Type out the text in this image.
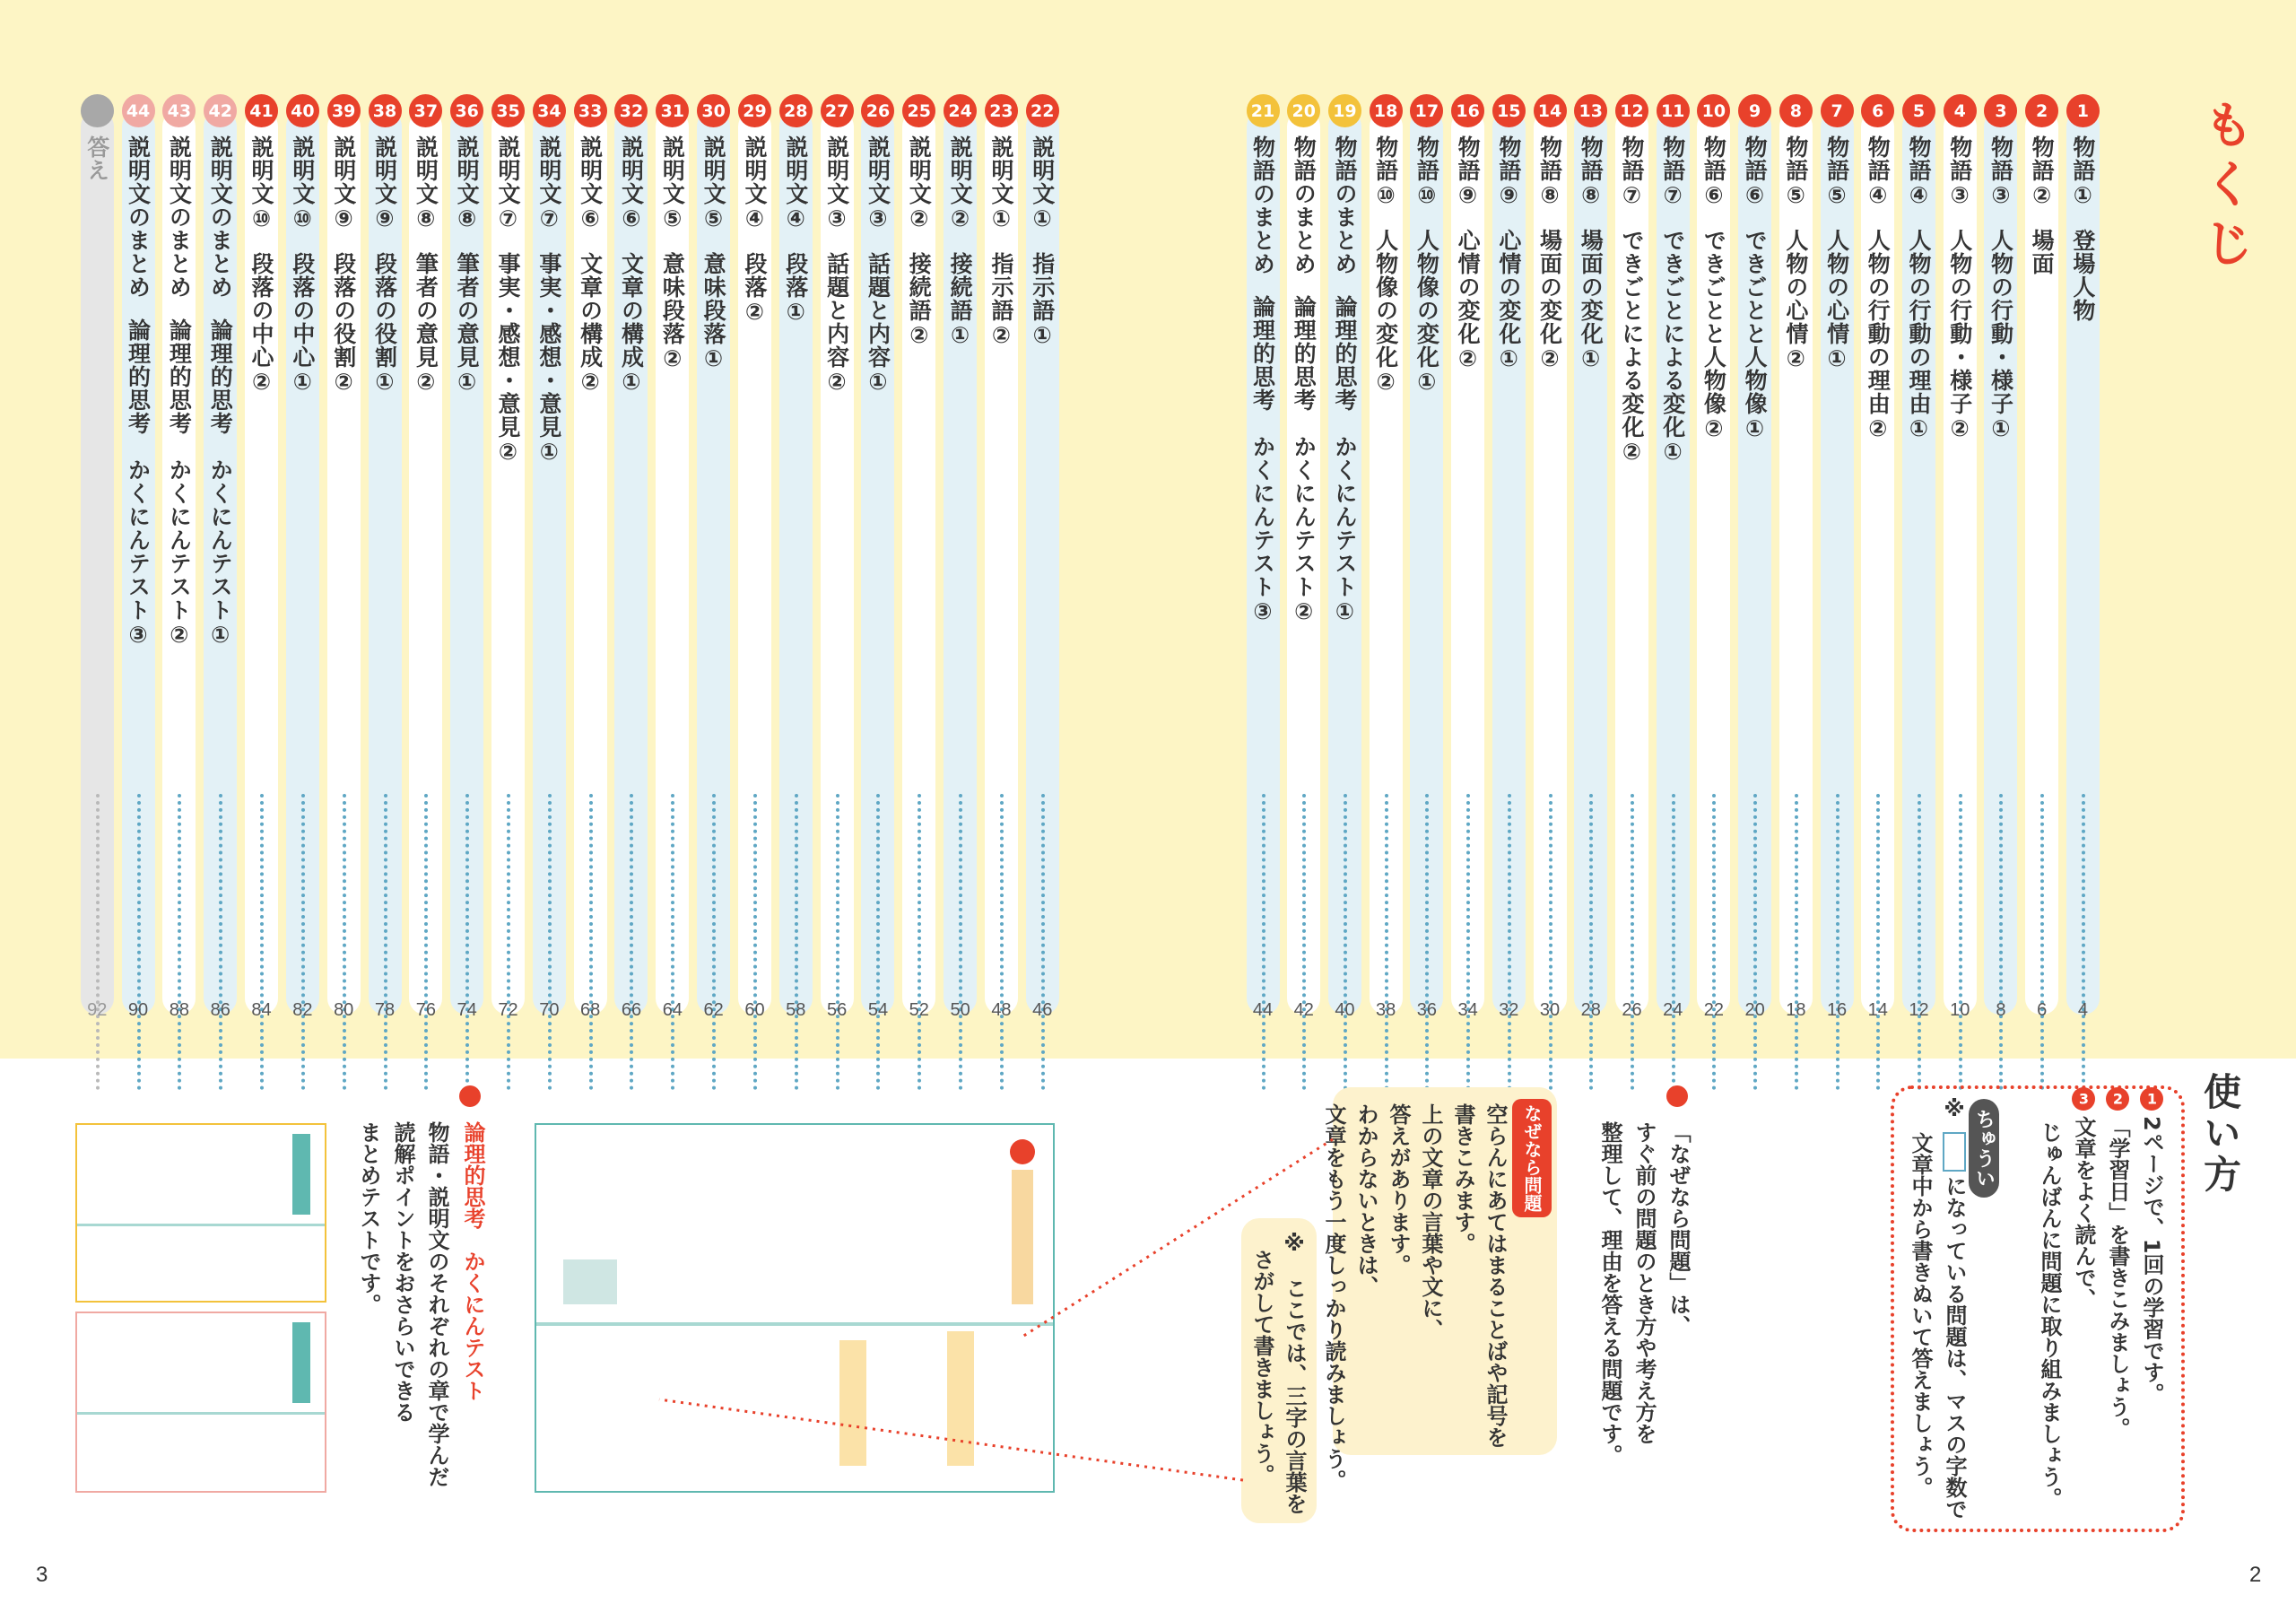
もくじ
1
物語①登場人物
4
2
物語②場面
6
3
物語③人物の行動・様子①
8
4
物語③人物の行動・様子②
10
5
物語④人物の行動の理由①
12
6
物語④人物の行動の理由②
14
7
物語⑤人物の心情①
16
8
物語⑤人物の心情②
18
9
物語⑥できごとと人物像①
20
10
物語⑥できごとと人物像②
22
11
物語⑦できごとによる変化①
24
12
物語⑦できごとによる変化②
26
13
物語⑧場面の変化①
28
14
物語⑧場面の変化②
30
15
物語⑨心情の変化①
32
16
物語⑨心情の変化②
34
17
物語⑩人物像の変化①
36
18
物語⑩人物像の変化②
38
19
物語のまとめ論理的思考　かくにんテスト①
40
20
物語のまとめ論理的思考　かくにんテスト②
42
21
物語のまとめ論理的思考　かくにんテスト③
44
22
説明文①指示語①
46
23
説明文①指示語②
48
24
説明文②接続語①
50
25
説明文②接続語②
52
26
説明文③話題と内容①
54
27
説明文③話題と内容②
56
28
説明文④段落①
58
29
説明文④段落②
60
30
説明文⑤意味段落①
62
31
説明文⑤意味段落②
64
32
説明文⑥文章の構成①
66
33
説明文⑥文章の構成②
68
34
説明文⑦事実・感想・意見①
70
35
説明文⑦事実・感想・意見②
72
36
説明文⑧筆者の意見①
74
37
説明文⑧筆者の意見②
76
38
説明文⑨段落の役割①
78
39
説明文⑨段落の役割②
80
40
説明文⑩段落の中心①
82
41
説明文⑩段落の中心②
84
42
説明文のまとめ論理的思考　かくにんテスト①
86
43
説明文のまとめ論理的思考　かくにんテスト②
88
44
説明文のまとめ論理的思考　かくにんテスト③
90
答え
92
使い方
12ページで、1回の学習です。
2「学習日」を書きこみましょう。
3文章をよく読んで、
じゅんばんに問題に取り組みましょう。
ちゅうい
※
になっている問題は、マスの字数で
文章中から書きぬいて答えましょう。
「なぜなら問題」は、
すぐ前の問題のとき方や考え方を
整理して、理由を答える問題です。
なぜなら問題
空らんにあてはまることばや記号を
書きこみます。
上の文章の言葉や文に、
答えがあります。
わからないときは、
文章をもう一度しっかり読みましょう。
※　ここでは、三字の言葉を
さがして書きましょう。
論理的思考　かくにんテスト
物語・説明文のそれぞれの章で学んだ
読解ポイントをおさらいできる
まとめテストです。
2
3
